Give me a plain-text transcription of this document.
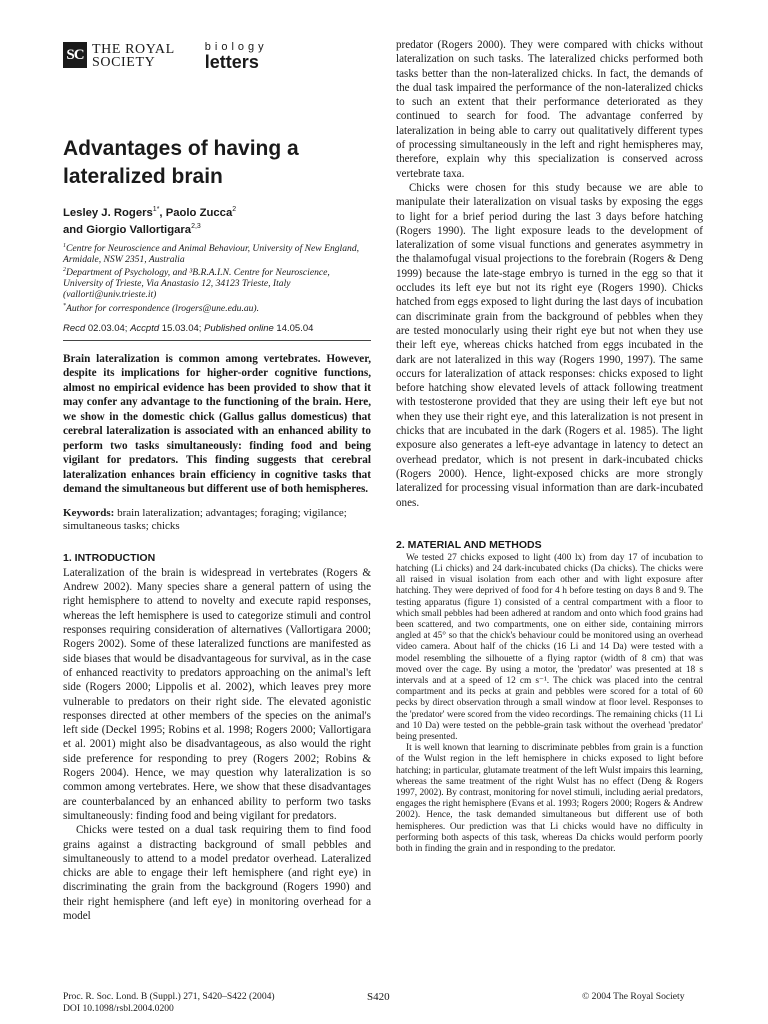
SC THE ROYAL
SOCIETY
biology
letters
Advantages of having a lateralized brain
Lesley J. Rogers$^{1*}$, Paolo Zucca$^2$
and Giorgio Vallortigara$^{2,3}$

$^1$Centre for Neuroscience and Animal Behaviour, University of New England, Armidale, NSW 2351, Australia

$^2$Department of Psychology, and ³B.R.A.I.N. Centre for Neuroscience, University of Trieste, Via Anastasio 12, 34123 Trieste, Italy (vallorti@univ.trieste.it)

*Author for correspondence (lrogers@une.edu.au).

Recd 02.03.04; Accptd 15.03.04; Published online 14.05.04

Brain lateralization is common among vertebrates. However, despite its implications for higher-order cognitive functions, almost no empirical evidence has been provided to show that it may confer any advantage to the functioning of the brain. Here, we show in the domestic chick (Gallus gallus domesticus) that cerebral lateralization is associated with an enhanced ability to perform two tasks simultaneously: finding food and being vigilant for predators. This finding suggests that cerebral lateralization enhances brain efficiency in cognitive tasks that demand the simultaneous but different use of both hemispheres.

Keywords: brain lateralization; advantages; foraging; vigilance; simultaneous tasks; chicks

1. INTRODUCTION

Lateralization of the brain is widespread in vertebrates (Rogers & Andrew 2002). Many species share a general pattern of using the right hemisphere to attend to novelty and execute rapid responses, whereas the left hemisphere is used to categorize stimuli and control responses requiring consideration of alternatives (Vallortigara 2000; Rogers 2002). Some of these lateralized functions are manifested as side biases that would be disadvantageous for survival, as in the case of enhanced reactivity to predators approaching on the animal's left side (Rogers 2000; Lippolis et al. 2002), which leaves prey more vulnerable to predators on their right side. The elevated agonistic responses directed at other members of the species on the animal's left side (Deckel 1995; Robins et al. 1998; Rogers 2000; Vallortigara et al. 2001) might also be disadvantageous, as also would the right side preference for responding to prey (Rogers 2002; Robins & Rogers 2004). Hence, we may question why lateralization is so common among vertebrates. Here, we show that these disadvantages are counterbalanced by an enhanced ability to perform two tasks simultaneously: finding food and being vigilant for predators.

Chicks were tested on a dual task requiring them to find food grains against a distracting background of small pebbles and simultaneously to attend to a model predator overhead. Lateralized chicks are able to engage their left hemisphere (and right eye) in discriminating the grain from the background (Rogers 1990) and their right hemisphere (and left eye) in monitoring overhead for a model

predator (Rogers 2000). They were compared with chicks without lateralization on such tasks. The lateralized chicks performed both tasks better than the non-lateralized chicks. In fact, the demands of the dual task impaired the performance of the non-lateralized chicks to such an extent that their performance deteriorated as they continued to search for food. The advantage conferred by lateralization in being able to carry out qualitatively different types of processing simultaneously in the left and right hemispheres may, therefore, explain why this specialization is conserved across vertebrate taxa.

Chicks were chosen for this study because we are able to manipulate their lateralization on visual tasks by exposing the eggs to light for a brief period during the last 3 days before hatching (Rogers 1990). The light exposure leads to the development of lateralization of some visual functions and generates asymmetry in the thalamofugal visual projections to the forebrain (Rogers & Deng 1999) because the late-stage embryo is turned in the egg so that it occludes its left eye but not its right eye (Rogers 1990). Chicks hatched from eggs exposed to light during the last days of incubation can discriminate grain from the background of pebbles when they are tested monocularly using their right eye but not when they use their left eye, whereas chicks hatched from eggs incubated in the dark are not lateralized in this way (Rogers 1990, 1997). The same occurs for lateralization of attack responses: chicks exposed to light before hatching show elevated levels of attack following treatment with testosterone provided that they are using their left eye but not when they use their right eye, and this lateralization is not present in chicks that are incubated in the dark (Rogers et al. 1985). The light exposure also generates a left-eye advantage in latency to detect an overhead predator, which is not present in dark-incubated chicks (Rogers 2000). Hence, light-exposed chicks are more strongly lateralized for processing visual information than are dark-incubated ones.

2. MATERIAL AND METHODS

We tested 27 chicks exposed to light (400 lx) from day 17 of incubation to hatching (Li chicks) and 24 dark-incubated chicks (Da chicks). The chicks were all raised in visual isolation from each other and with light exposure after hatching. They were deprived of food for 4 h before testing on days 8 and 9. The testing apparatus (figure 1) consisted of a central compartment with a floor to which small pebbles had been adhered at random and onto which food grains had been scattered, and two compartments, one on either side, containing mirrors angled at 45° so that the chick's behaviour could be monitored using an overhead video camera. About half of the chicks (16 Li and 14 Da) were tested with a model resembling the silhouette of a flying raptor (width of 8 cm) that was moved over the cage. By using a motor, the 'predator' was presented at 18 s intervals and at a speed of 12 cm s⁻¹. The chick was placed into the central compartment and its pecks at grain and pebbles were scored for a total of 60 pecks by direct observation through a small window at floor level. Responses to the 'predator' were scored from the video recordings. The remaining chicks (11 Li and 10 Da) were tested on the pebble-grain task without the overhead 'predator' being presented.

It is well known that learning to discriminate pebbles from grain is a function of the Wulst region in the left hemisphere in chicks exposed to light before hatching; in particular, glutamate treatment of the left Wulst impairs this learning, whereas the same treatment of the right Wulst has no effect (Deng & Rogers 1997, 2002). By contrast, monitoring for novel stimuli, including aerial predators, engages the right hemisphere (Evans et al. 1993; Rogers 2000; Rogers & Andrew 2002). Hence, the task demanded simultaneous but different use of both hemispheres. Our prediction was that Li chicks would have no difficulty in performing both aspects of this task, whereas Da chicks would perform poorly both in finding the grain and in responding to the predator.

Proc. R. Soc. Lond. B (Suppl.) 271, S420–S422 (2004)
DOI 10.1098/rsbl.2004.0200
S420	© 2004 The Royal Society
